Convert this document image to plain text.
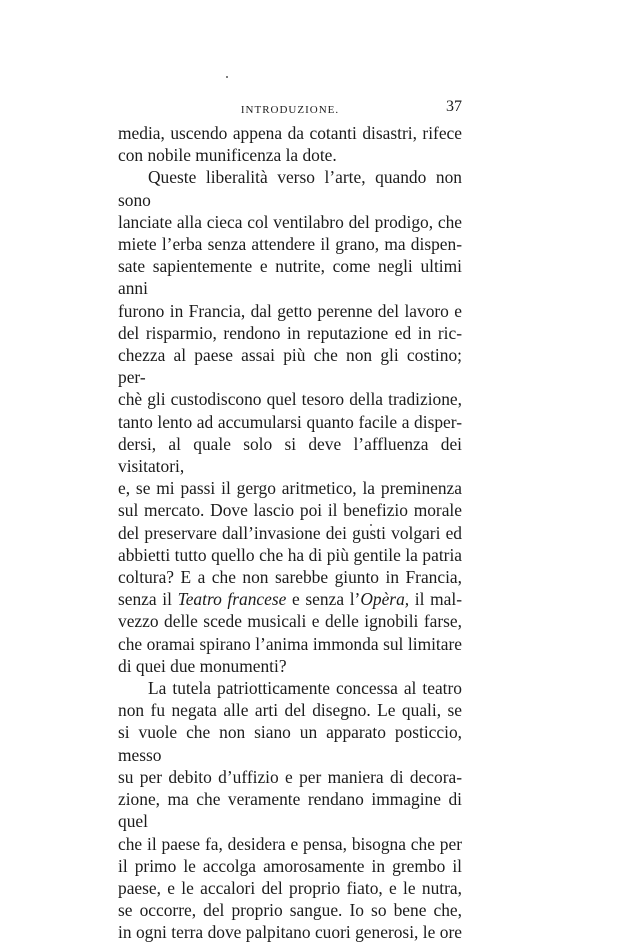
INTRODUZIONE.	37

media, uscendo appena da cotanti disastri, rifece

con nobile munificenza la dote.

Queste liberalità verso l’arte, quando non sono

lanciate alla cieca col ventilabro del prodigo, che

miete l’erba senza attendere il grano, ma dispen-

sate sapientemente e nutrite, come negli ultimi anni

furono in Francia, dal getto perenne del lavoro e

del risparmio, rendono in reputazione ed in ric-

chezza al paese assai più che non gli costino; per-

chè gli custodiscono quel tesoro della tradizione,

tanto lento ad accumularsi quanto facile a disper-

dersi, al quale solo si deve l’affluenza dei visitatori,

e, se mi passi il gergo aritmetico, la preminenza

sul mercato. Dove lascio poi il benefizio morale

del preservare dall’invasione dei gusti volgari ed

abbietti tutto quello che ha di più gentile la patria

coltura? E a che non sarebbe giunto in Francia,

senza il Teatro francese e senza l’Opèra, il mal-

vezzo delle scede musicali e delle ignobili farse,

che oramai spirano l’anima immonda sul limitare

di quei due monumenti?

La tutela patriotticamente concessa al teatro

non fu negata alle arti del disegno. Le quali, se

si vuole che non siano un apparato posticcio, messo

su per debito d’uffizio e per maniera di decora-

zione, ma che veramente rendano immagine di quel

che il paese fa, desidera e pensa, bisogna che per

il primo le accolga amorosamente in grembo il

paese, e le accalori del proprio fiato, e le nutra,

se occorre, del proprio sangue. Io so bene che,

in ogni terra dove palpitano cuori generosi, le ore
